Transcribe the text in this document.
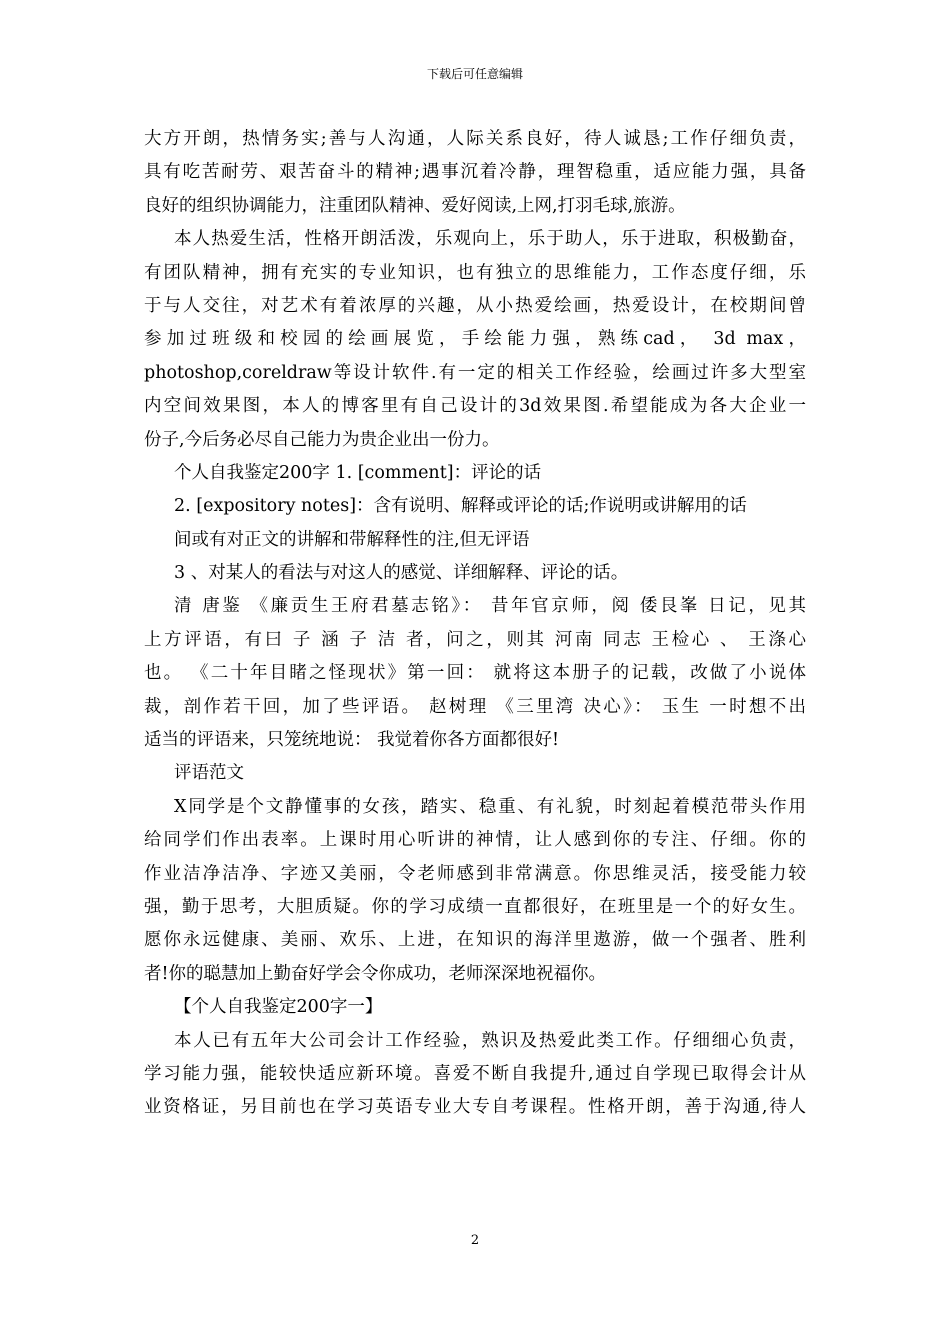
下载后可任意编辑
大方开朗，热情务实;善与人沟通，人际关系良好，待人诚恳;工作仔细负责，
具有吃苦耐劳、艰苦奋斗的精神;遇事沉着冷静，理智稳重，适应能力强，具备
良好的组织协调能力，注重团队精神、爱好阅读,上网,打羽毛球,旅游。
本人热爱生活，性格开朗活泼，乐观向上，乐于助人，乐于进取，积极勤奋，
有团队精神，拥有充实的专业知识，也有独立的思维能力，工作态度仔细，乐
于与人交往，对艺术有着浓厚的兴趣，从小热爱绘画，热爱设计，在校期间曾
参加过班级和校园的绘画展览，手绘能力强，熟练cad， 3d max，
photoshop,coreldraw等设计软件.有一定的相关工作经验，绘画过许多大型室
内空间效果图，本人的博客里有自己设计的3d效果图.希望能成为各大企业一
份子,今后务必尽自己能力为贵企业出一份力。
个人自我鉴定200字 1. [comment]：评论的话
2. [expository notes]：含有说明、解释或评论的话;作说明或讲解用的话
间或有对正文的讲解和带解释性的注,但无评语
3 、对某人的看法与对这人的感觉、详细解释、评论的话。
清 唐鉴 《廉贡生王府君墓志铭》： 昔年官京师，阅 倭艮峯 日记，见其
上方评语，有曰 子 涵 子 洁 者，问之，则其 河南 同志 王检心 、 王涤心
也。 《二十年目睹之怪现状》第一回： 就将这本册子的记载，改做了小说体
裁，剖作若干回，加了些评语。 赵树理 《三里湾 决心》： 玉生 一时想不出
适当的评语来，只笼统地说： 我觉着你各方面都很好!
评语范文
X同学是个文静懂事的女孩，踏实、稳重、有礼貌，时刻起着模范带头作用
给同学们作出表率。上课时用心听讲的神情，让人感到你的专注、仔细。你的
作业洁净洁净、字迹又美丽，令老师感到非常满意。你思维灵活，接受能力较
强，勤于思考，大胆质疑。你的学习成绩一直都很好，在班里是一个的好女生。
愿你永远健康、美丽、欢乐、上进，在知识的海洋里遨游，做一个强者、胜利
者!你的聪慧加上勤奋好学会令你成功，老师深深地祝福你。
【个人自我鉴定200字一】
本人已有五年大公司会计工作经验，熟识及热爱此类工作。仔细细心负责，
学习能力强，能较快适应新环境。喜爱不断自我提升,通过自学现已取得会计从
业资格证，另目前也在学习英语专业大专自考课程。性格开朗，善于沟通,待人
2
